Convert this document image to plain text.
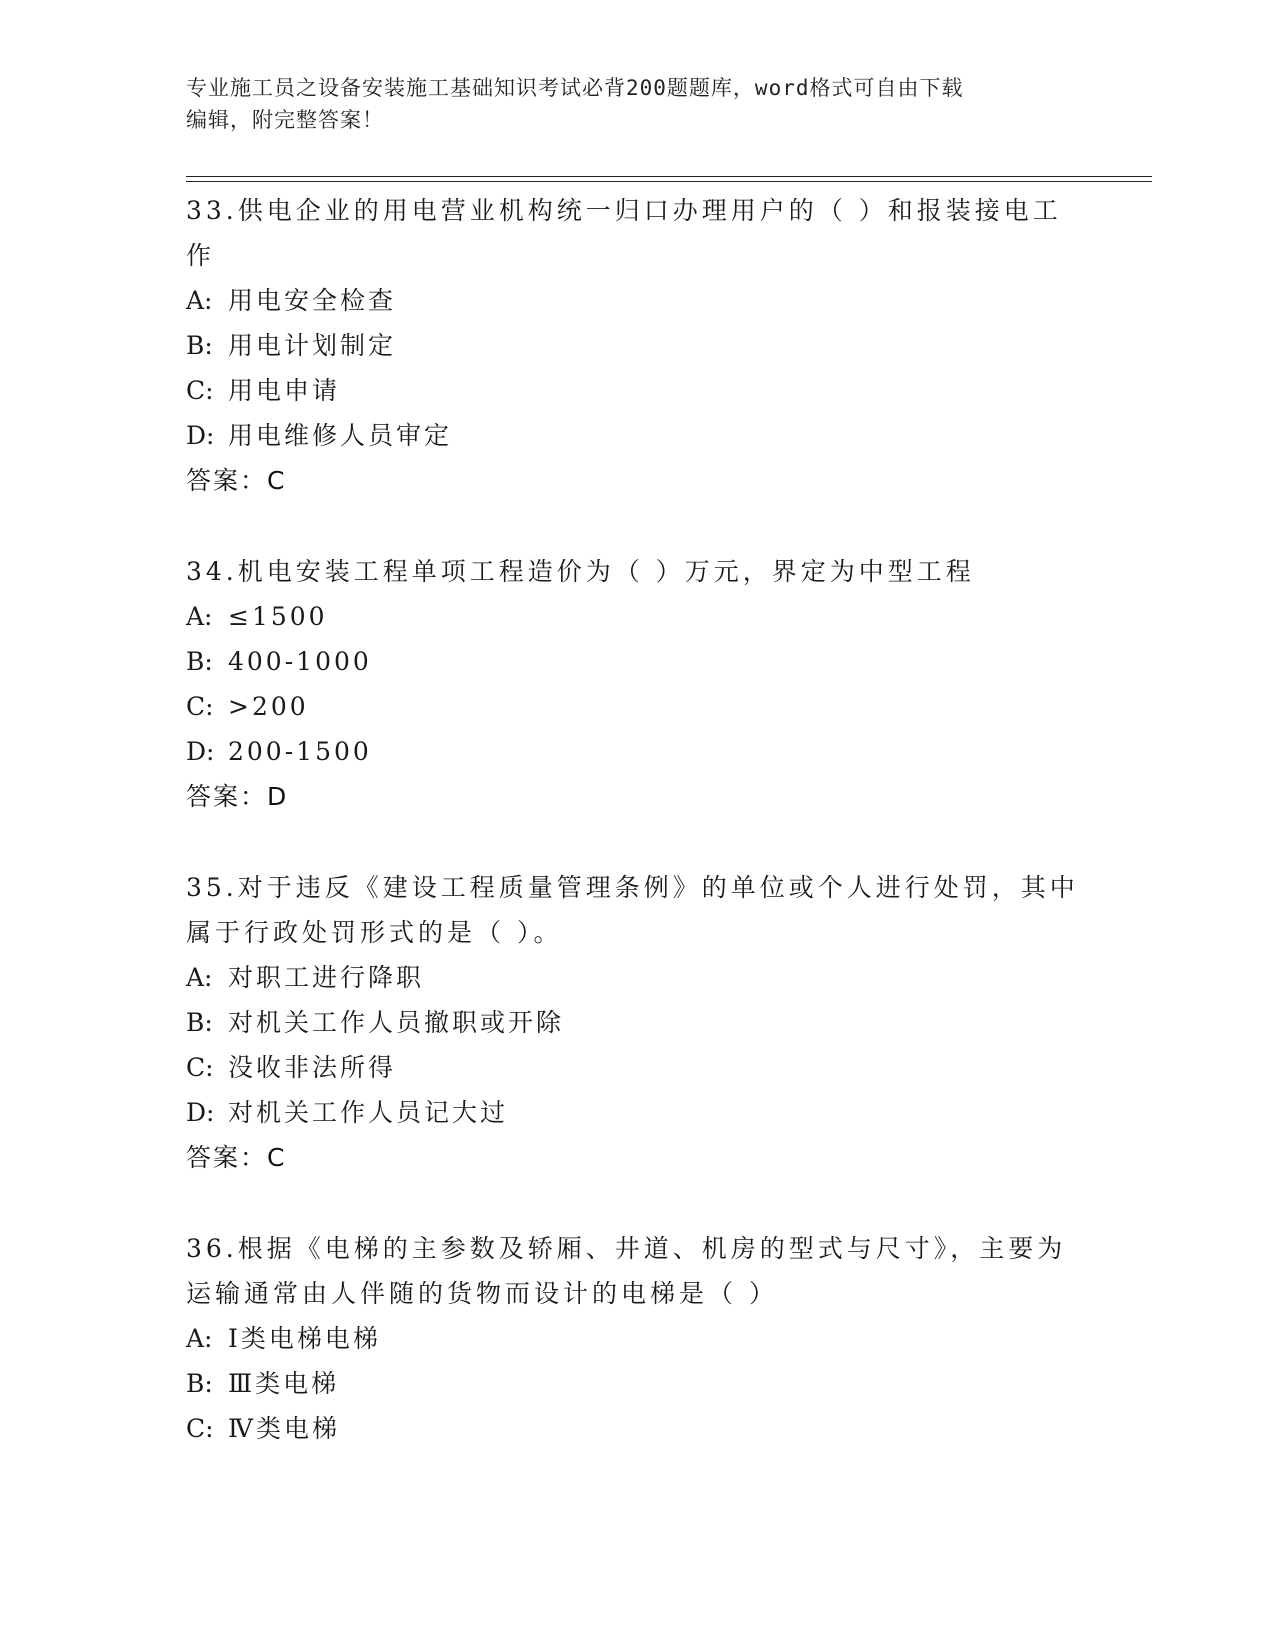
专业施工员之设备安装施工基础知识考试必背200题题库，word格式可自由下载
编辑，附完整答案！
33.供电企业的用电营业机构统一归口办理用户的（ ）和报装接电工作
A: 用电安全检查
B: 用电计划制定
C: 用电申请
D: 用电维修人员审定
答案：C
34.机电安装工程单项工程造价为（ ）万元，界定为中型工程
A: ≤1500
B: 400-1000
C: >200
D: 200-1500
答案：D
35.对于违反《建设工程质量管理条例》的单位或个人进行处罚，其中属于行政处罚形式的是（ ）。
A: 对职工进行降职
B: 对机关工作人员撤职或开除
C: 没收非法所得
D: 对机关工作人员记大过
答案：C
36.根据《电梯的主参数及轿厢、井道、机房的型式与尺寸》，主要为运输通常由人伴随的货物而设计的电梯是（ ）
A: Ⅰ类电梯电梯
B: Ⅲ类电梯
C: Ⅳ类电梯
